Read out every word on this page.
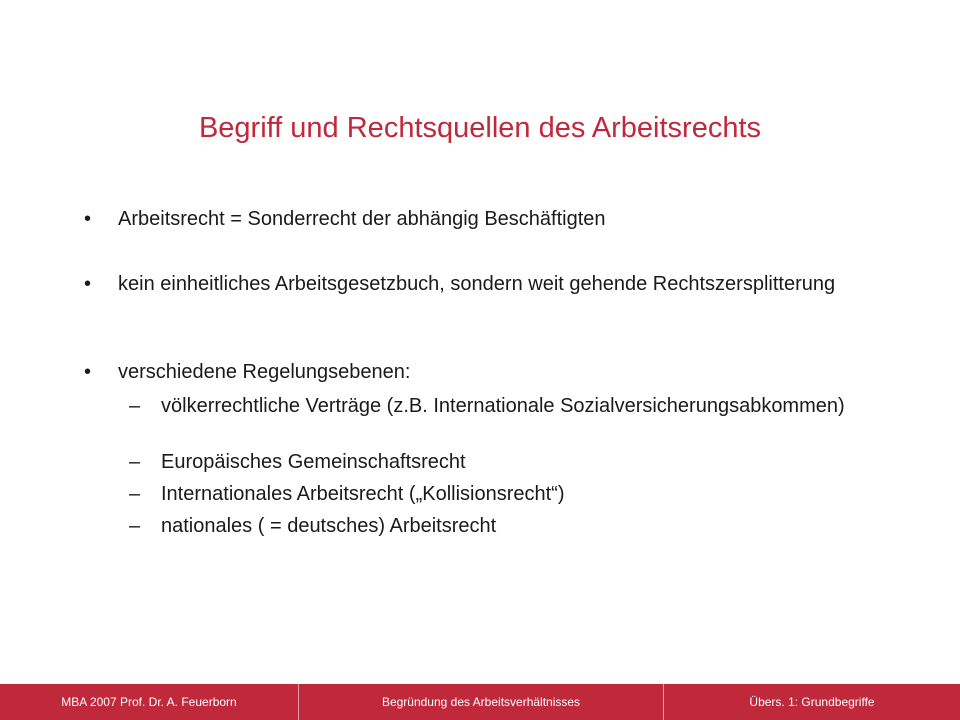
Begriff und Rechtsquellen des Arbeitsrechts
•	Arbeitsrecht = Sonderrecht der abhängig Beschäftigten
•	kein einheitliches Arbeitsgesetzbuch, sondern weit gehende Rechtszersplitterung
•	verschiedene Regelungsebenen:
–	völkerrechtliche Verträge (z.B. Internationale Sozialversicherungsabkommen)
–	Europäisches Gemeinschaftsrecht
–	Internationales Arbeitsrecht („Kollisionsrecht“)
–	nationales ( = deutsches) Arbeitsrecht
MBA 2007 Prof. Dr. A. Feuerborn	Begründung des Arbeitsverhältnisses	Übers. 1: Grundbegriffe
